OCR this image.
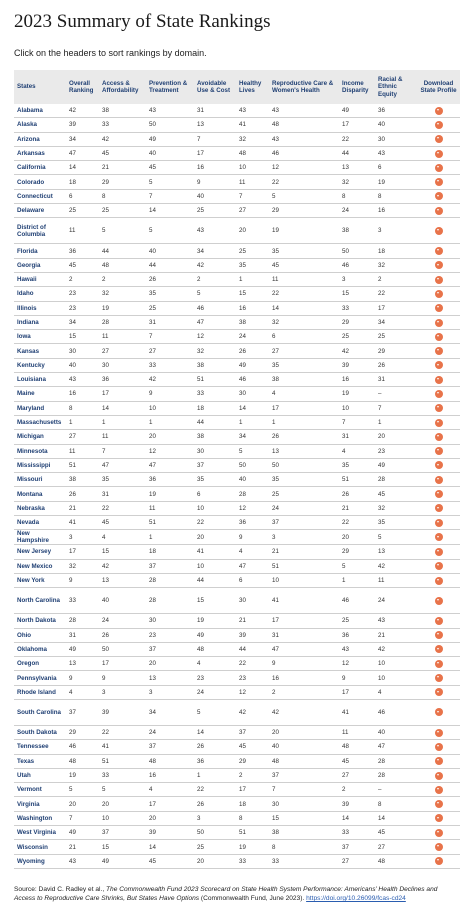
2023 Summary of State Rankings

Click on the headers to sort rankings by domain.

States	Overall Ranking	Access & Affordability	Prevention & Treatment	Avoidable Use & Cost	Healthy Lives	Reproductive Care & Women's Health	Income Disparity	Racial & Ethnic Equity	Download State Profile
Alabama	42	38	43	31	43	43	49	36	
Alaska	39	33	50	13	41	48	17	40	
Arizona	34	42	49	7	32	43	22	30	
Arkansas	47	45	40	17	48	46	44	43	
California	14	21	45	16	10	12	13	6	
Colorado	18	29	5	9	11	22	32	19	
Connecticut	6	8	7	40	7	5	8	8	
Delaware	25	25	14	25	27	29	24	16	
District of Columbia	11	5	5	43	20	19	38	3	
Florida	36	44	40	34	25	35	50	18	
Georgia	45	48	44	42	35	45	46	32	
Hawaii	2	2	26	2	1	11	3	2	
Idaho	23	32	35	5	15	22	15	22	
Illinois	23	19	25	46	16	14	33	17	
Indiana	34	28	31	47	38	32	29	34	
Iowa	15	11	7	12	24	6	25	25	
Kansas	30	27	27	32	26	27	42	29	
Kentucky	40	30	33	38	49	35	39	26	
Louisiana	43	36	42	51	46	38	16	31	
Maine	16	17	9	33	30	4	19	–	
Maryland	8	14	10	18	14	17	10	7	
Massachusetts	1	1	1	44	1	1	7	1	
Michigan	27	11	20	38	34	26	31	20	
Minnesota	11	7	12	30	5	13	4	23	
Mississippi	51	47	47	37	50	50	35	49	
Missouri	38	35	36	35	40	35	51	28	
Montana	26	31	19	6	28	25	26	45	
Nebraska	21	22	11	10	12	24	21	32	
Nevada	41	45	51	22	36	37	22	35	
New Hampshire	3	4	1	20	9	3	20	5	
New Jersey	17	15	18	41	4	21	29	13	
New Mexico	32	42	37	10	47	51	5	42	
New York	9	13	28	44	6	10	1	11	
North Carolina	33	40	28	15	30	41	46	24	
North Dakota	28	24	30	19	21	17	25	43	
Ohio	31	26	23	49	39	31	36	21	
Oklahoma	49	50	37	48	44	47	43	42	
Oregon	13	17	20	4	22	9	12	10	
Pennsylvania	9	9	13	23	23	16	9	10	
Rhode Island	4	3	3	24	12	2	17	4	
South Carolina	37	39	34	5	42	42	41	46	
South Dakota	29	22	24	14	37	20	11	40	
Tennessee	46	41	37	26	45	40	48	47	
Texas	48	51	48	36	29	48	45	28	
Utah	19	33	16	1	2	37	27	28	
Vermont	5	5	4	22	17	7	2	–	
Virginia	20	20	17	26	18	30	39	8	
Washington	7	10	20	3	8	15	14	14	
West Virginia	49	37	39	50	51	38	33	45	
Wisconsin	21	15	14	25	19	8	37	27	
Wyoming	43	49	45	20	33	33	27	48	

Source: David C. Radley et al., The Commonwealth Fund 2023 Scorecard on State Health System Performance: Americans’ Health Declines and Access to Reproductive Care Shrinks, But States Have Options (Commonwealth Fund, June 2023). https://doi.org/10.26099/fcas-cd24
